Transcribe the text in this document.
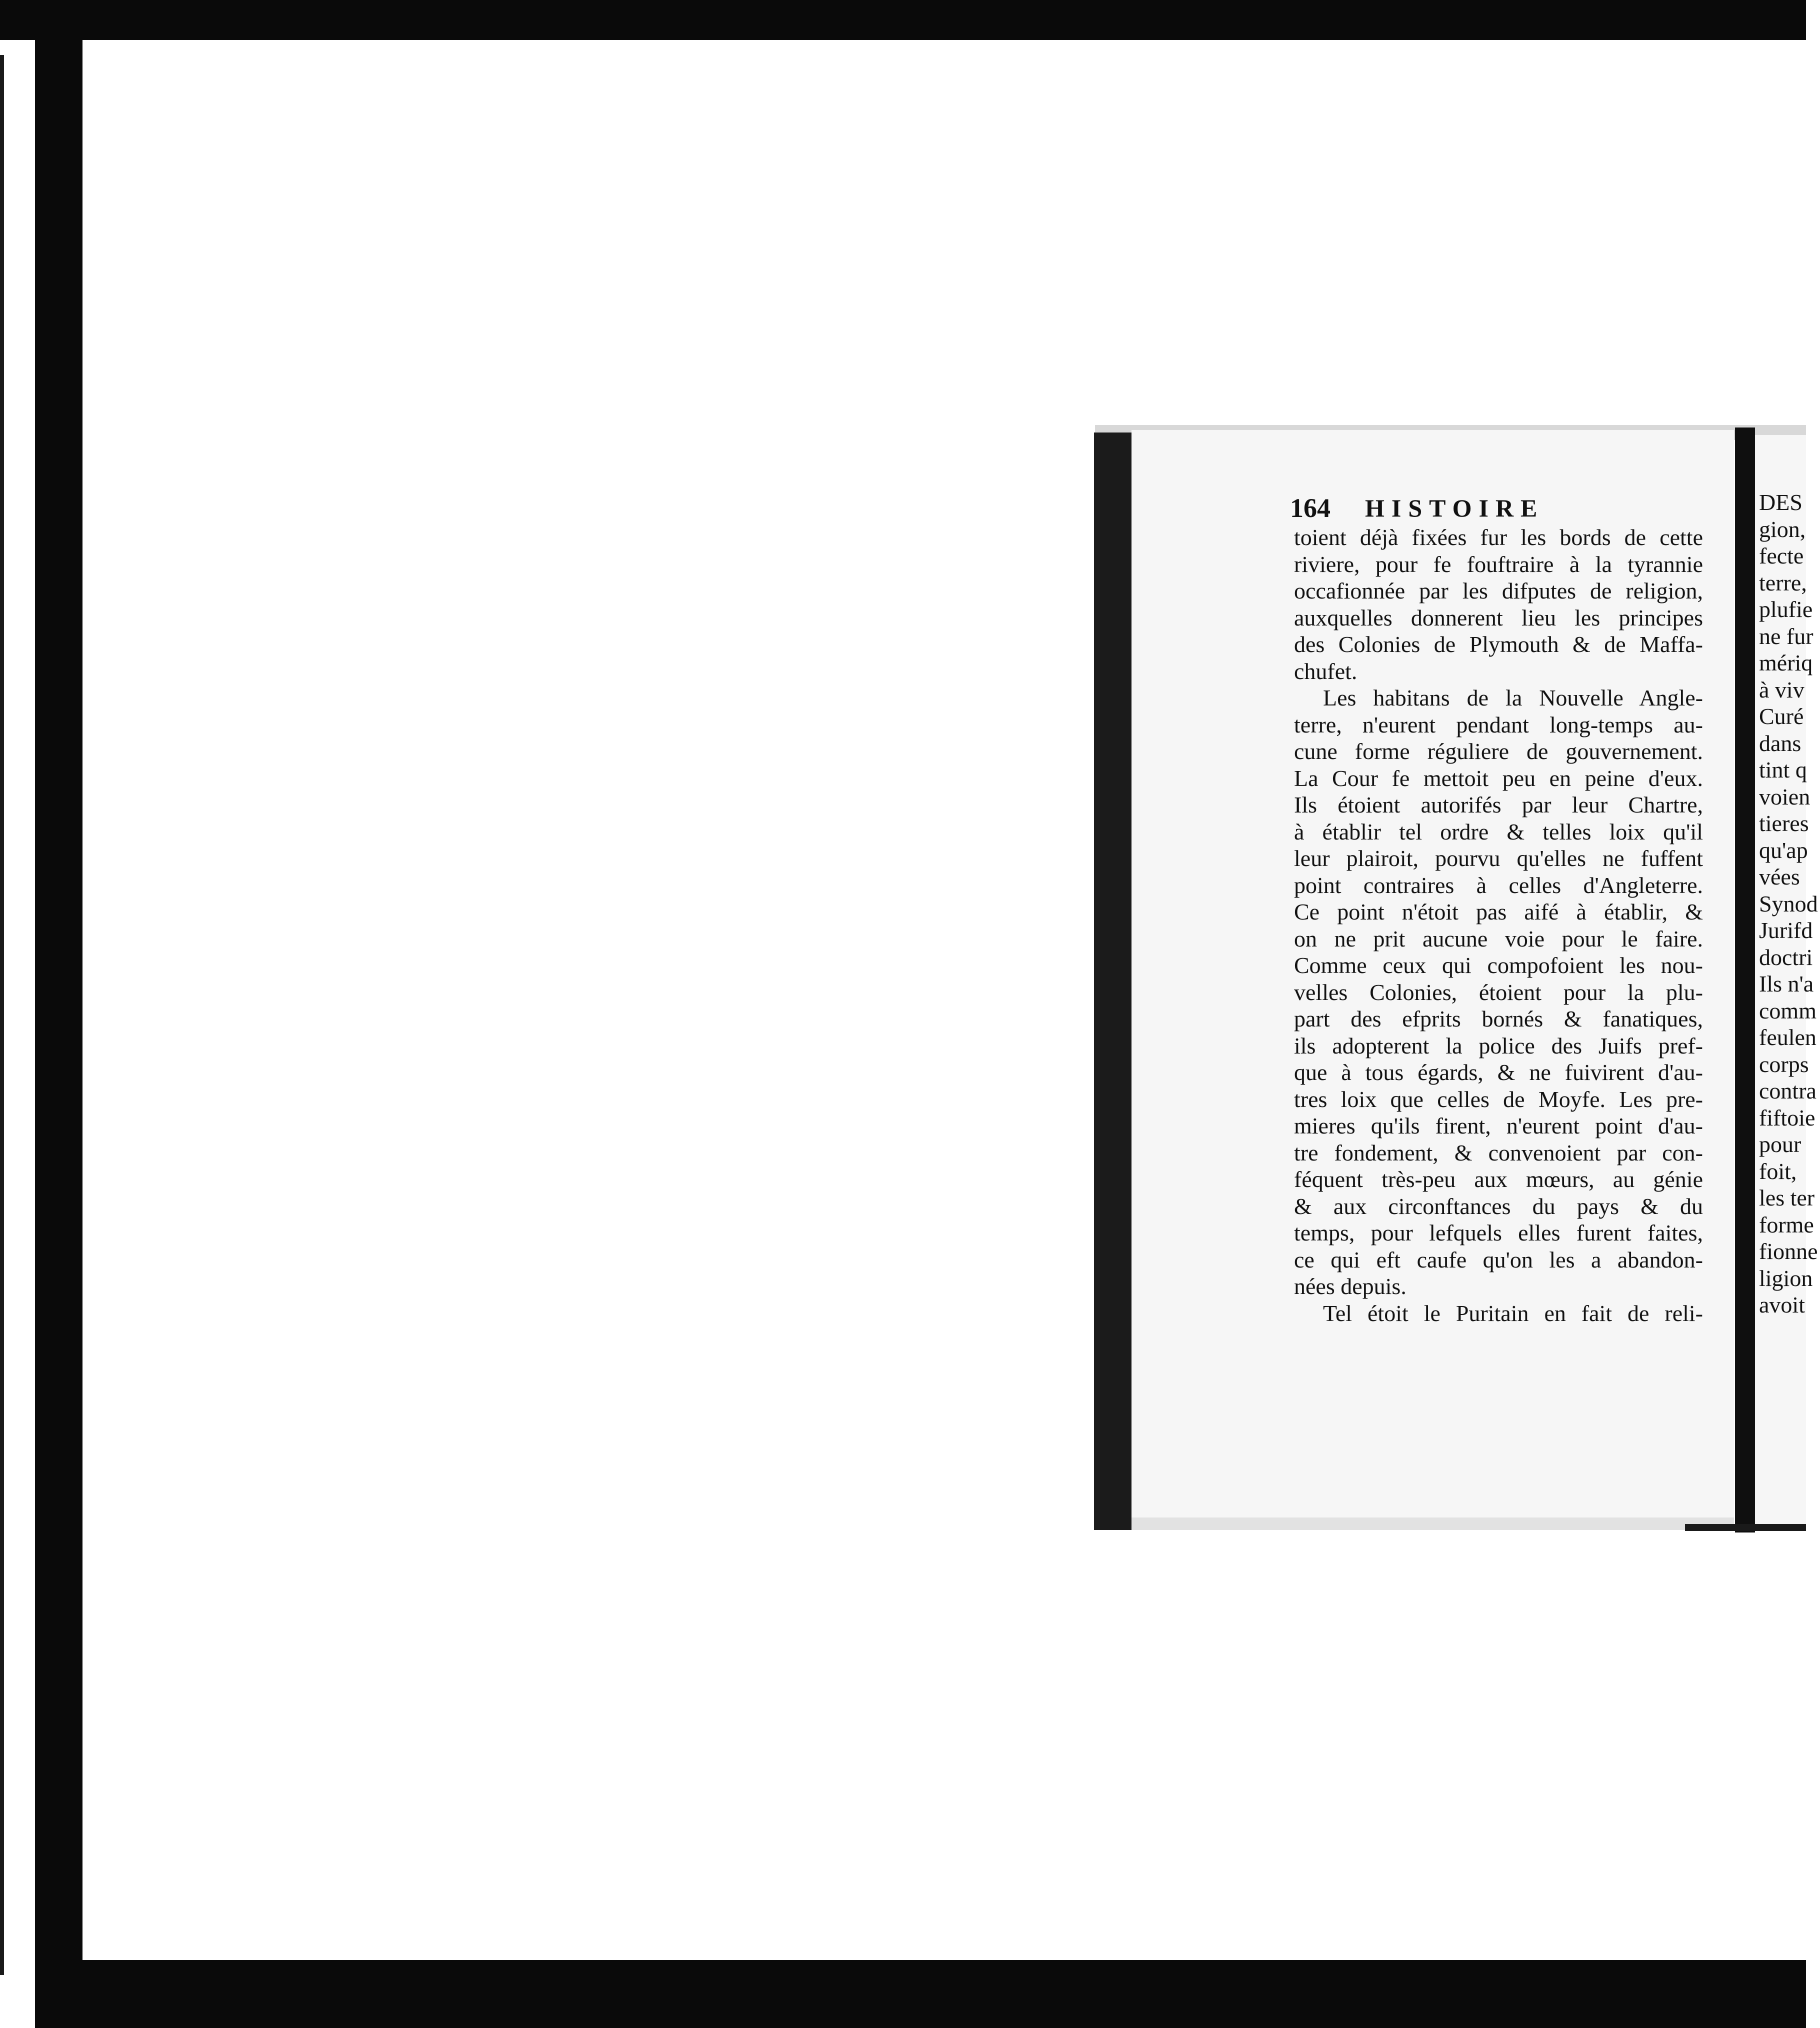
164 HISTOIRE
toient déjà fixées fur les bords de cette
riviere, pour fe fouftraire à la tyrannie
occafionnée par les difputes de religion,
auxquelles donnerent lieu les principes
des Colonies de Plymouth & de Maffa-
chufet.
Les habitans de la Nouvelle Angle-
terre, n'eurent pendant long-temps au-
cune forme réguliere de gouvernement.
La Cour fe mettoit peu en peine d'eux.
Ils étoient autorifés par leur Chartre,
à établir tel ordre & telles loix qu'il
leur plairoit, pourvu qu'elles ne fuffent
point contraires à celles d'Angleterre.
Ce point n'étoit pas aifé à établir, &
on ne prit aucune voie pour le faire.
Comme ceux qui compofoient les nou-
velles Colonies, étoient pour la plu-
part des efprits bornés & fanatiques,
ils adopterent la police des Juifs pref-
que à tous égards, & ne fuivirent d'au-
tres loix que celles de Moyfe. Les pre-
mieres qu'ils firent, n'eurent point d'au-
tre fondement, & convenoient par con-
féquent très-peu aux mœurs, au génie
& aux circonftances du pays & du
temps, pour lefquels elles furent faites,
ce qui eft caufe qu'on les a abandon-
nées depuis.
Tel étoit le Puritain en fait de reli-
DES
gion,
fecte
terre,
plufie
ne fur
mériq
à viv
Curé
dans
tint q
voien
tieres
qu'ap
vées
Synod
Jurifd
doctri
Ils n'a
comm
feulen
corps
contra
fiftoie
pour
foit,
les ter
forme
fionne
ligion
avoit
